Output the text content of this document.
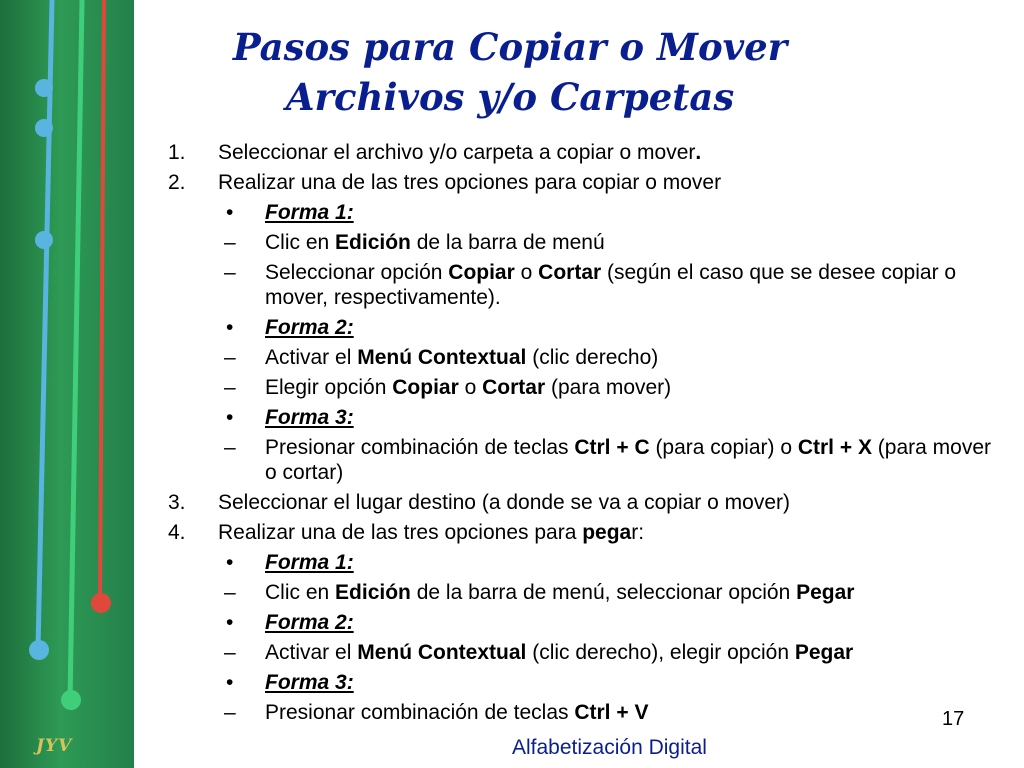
JYV
Pasos para Copiar o Mover
Archivos y/o Carpetas
1. Seleccionar el archivo y/o carpeta a copiar o mover.
2. Realizar una de las tres opciones para copiar o mover
• Forma 1:
– Clic en Edición de la barra de menú
– Seleccionar opción Copiar o Cortar (según el caso que se desee copiar o mover, respectivamente).
• Forma 2:
– Activar el Menú Contextual (clic derecho)
– Elegir opción Copiar o Cortar (para mover)
• Forma 3:
– Presionar combinación de teclas Ctrl + C (para copiar) o Ctrl + X (para mover o cortar)
3. Seleccionar el lugar destino (a donde se va a copiar o mover)
4. Realizar una de las tres opciones para pegar:
• Forma 1:
– Clic en Edición de la barra de menú, seleccionar opción Pegar
• Forma 2:
– Activar el Menú Contextual (clic derecho), elegir opción Pegar
• Forma 3:
– Presionar combinación de teclas Ctrl + V	17
Alfabetización Digital
